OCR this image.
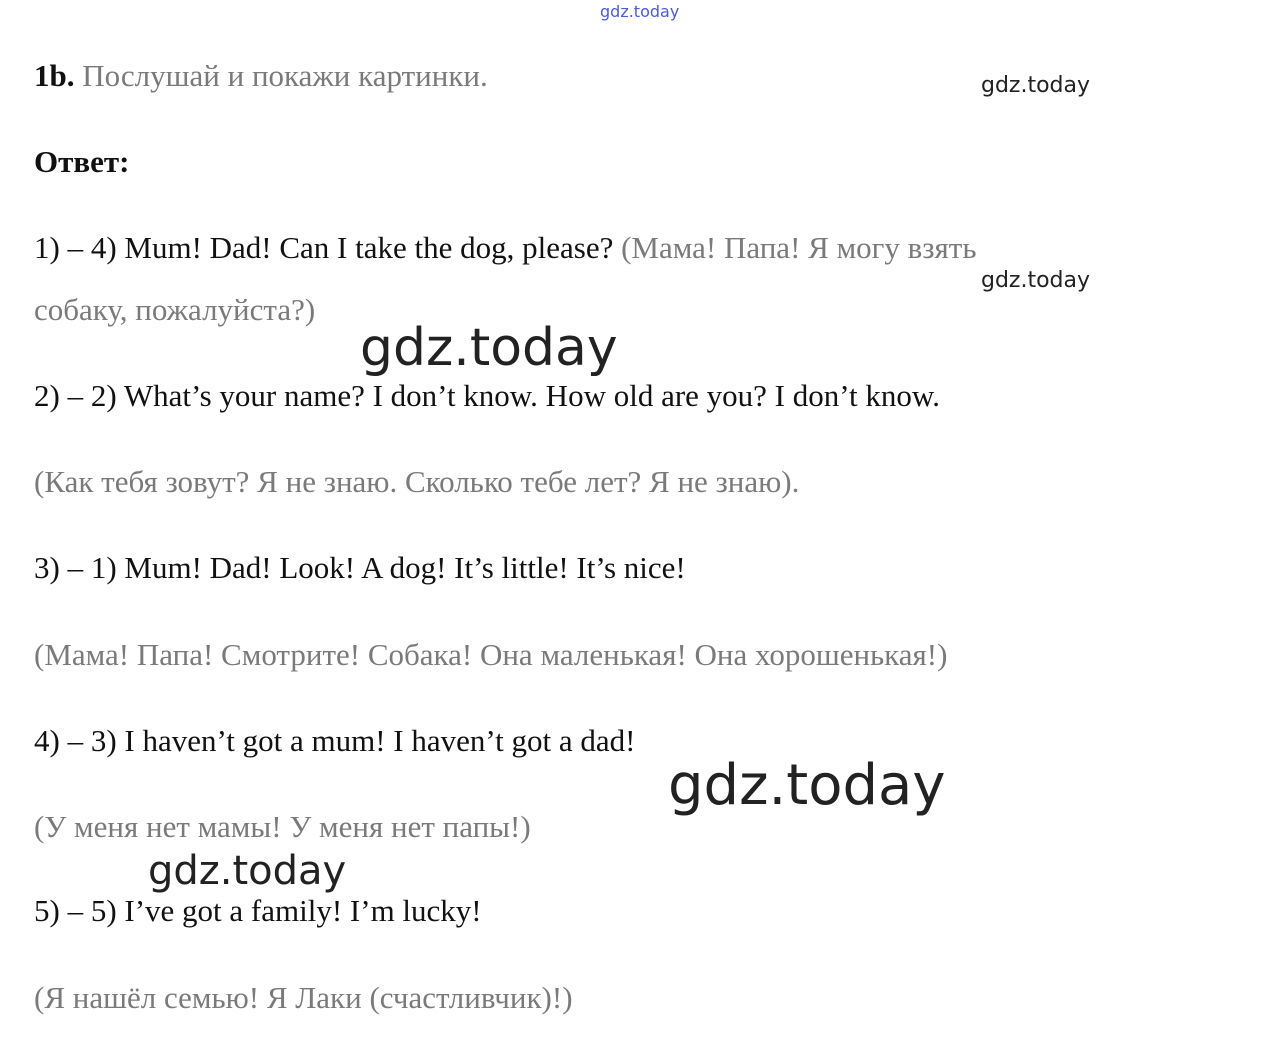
gdz.today
gdz.today
gdz.today
gdz.today
gdz.today
gdz.today
1b. Послушай и покажи картинки.
Ответ:
1) – 4) Mum! Dad! Can I take the dog, please? (Мама! Папа! Я могу взять
собаку, пожалуйста?)
2) – 2) What’s your name? I don’t know. How old are you? I don’t know.
(Как тебя зовут? Я не знаю. Сколько тебе лет? Я не знаю).
3) – 1) Mum! Dad! Look! A dog! It’s little! It’s nice!
(Мама! Папа! Смотрите! Собака! Она маленькая! Она хорошенькая!)
4) – 3) I haven’t got a mum! I haven’t got a dad!
(У меня нет мамы! У меня нет папы!)
5) – 5) I’ve got a family! I’m lucky!
(Я нашёл семью! Я Лаки (счастливчик)!)
